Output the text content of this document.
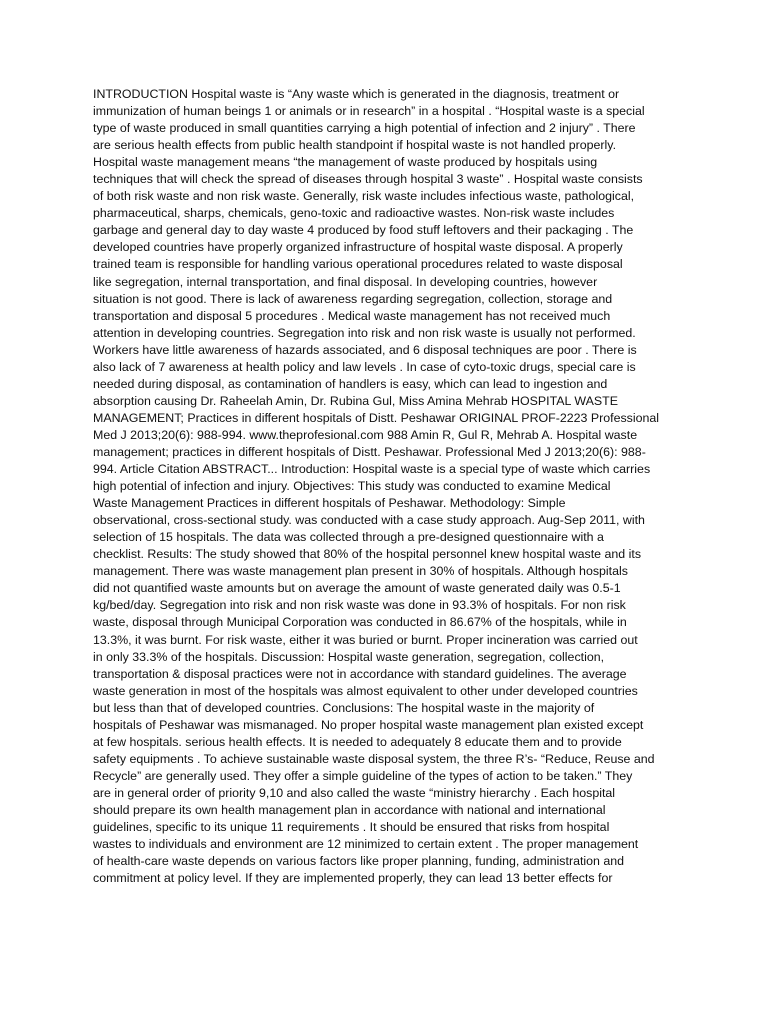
INTRODUCTION Hospital waste is “Any waste which is generated in the diagnosis, treatment or
immunization of human beings 1 or animals or in research” in a hospital . “Hospital waste is a special
type of waste produced in small quantities carrying a high potential of infection and 2 injury” . There
are serious health effects from public health standpoint if hospital waste is not handled properly.
Hospital waste management means “the management of waste produced by hospitals using
techniques that will check the spread of diseases through hospital 3 waste” . Hospital waste consists
of both risk waste and non risk waste. Generally, risk waste includes infectious waste, pathological,
pharmaceutical, sharps, chemicals, geno-toxic and radioactive wastes. Non-risk waste includes
garbage and general day to day waste 4 produced by food stuff leftovers and their packaging . The
developed countries have properly organized infrastructure of hospital waste disposal. A properly
trained team is responsible for handling various operational procedures related to waste disposal
like segregation, internal transportation, and final disposal. In developing countries, however
situation is not good. There is lack of awareness regarding segregation, collection, storage and
transportation and disposal 5 procedures . Medical waste management has not received much
attention in developing countries. Segregation into risk and non risk waste is usually not performed.
Workers have little awareness of hazards associated, and 6 disposal techniques are poor . There is
also lack of 7 awareness at health policy and law levels . In case of cyto-toxic drugs, special care is
needed during disposal, as contamination of handlers is easy, which can lead to ingestion and
absorption causing Dr. Raheelah Amin, Dr. Rubina Gul, Miss Amina Mehrab HOSPITAL WASTE
MANAGEMENT; Practices in different hospitals of Distt. Peshawar ORIGINAL PROF-2223 Professional
Med J 2013;20(6): 988-994. www.theprofesional.com 988 Amin R, Gul R, Mehrab A. Hospital waste
management; practices in different hospitals of Distt. Peshawar. Professional Med J 2013;20(6): 988-
994. Article Citation ABSTRACT... Introduction: Hospital waste is a special type of waste which carries
high potential of infection and injury. Objectives: This study was conducted to examine Medical
Waste Management Practices in different hospitals of Peshawar. Methodology: Simple
observational, cross-sectional study. was conducted with a case study approach. Aug-Sep 2011, with
selection of 15 hospitals. The data was collected through a pre-designed questionnaire with a
checklist. Results: The study showed that 80% of the hospital personnel knew hospital waste and its
management. There was waste management plan present in 30% of hospitals. Although hospitals
did not quantified waste amounts but on average the amount of waste generated daily was 0.5-1
kg/bed/day. Segregation into risk and non risk waste was done in 93.3% of hospitals. For non risk
waste, disposal through Municipal Corporation was conducted in 86.67% of the hospitals, while in
13.3%, it was burnt. For risk waste, either it was buried or burnt. Proper incineration was carried out
in only 33.3% of the hospitals. Discussion: Hospital waste generation, segregation, collection,
transportation & disposal practices were not in accordance with standard guidelines. The average
waste generation in most of the hospitals was almost equivalent to other under developed countries
but less than that of developed countries. Conclusions: The hospital waste in the majority of
hospitals of Peshawar was mismanaged. No proper hospital waste management plan existed except
at few hospitals. serious health effects. It is needed to adequately 8 educate them and to provide
safety equipments . To achieve sustainable waste disposal system, the three R’s- “Reduce, Reuse and
Recycle” are generally used. They offer a simple guideline of the types of action to be taken.” They
are in general order of priority 9,10 and also called the waste “ministry hierarchy . Each hospital
should prepare its own health management plan in accordance with national and international
guidelines, specific to its unique 11 requirements . It should be ensured that risks from hospital
wastes to individuals and environment are 12 minimized to certain extent . The proper management
of health-care waste depends on various factors like proper planning, funding, administration and
commitment at policy level. If they are implemented properly, they can lead 13 better effects for
